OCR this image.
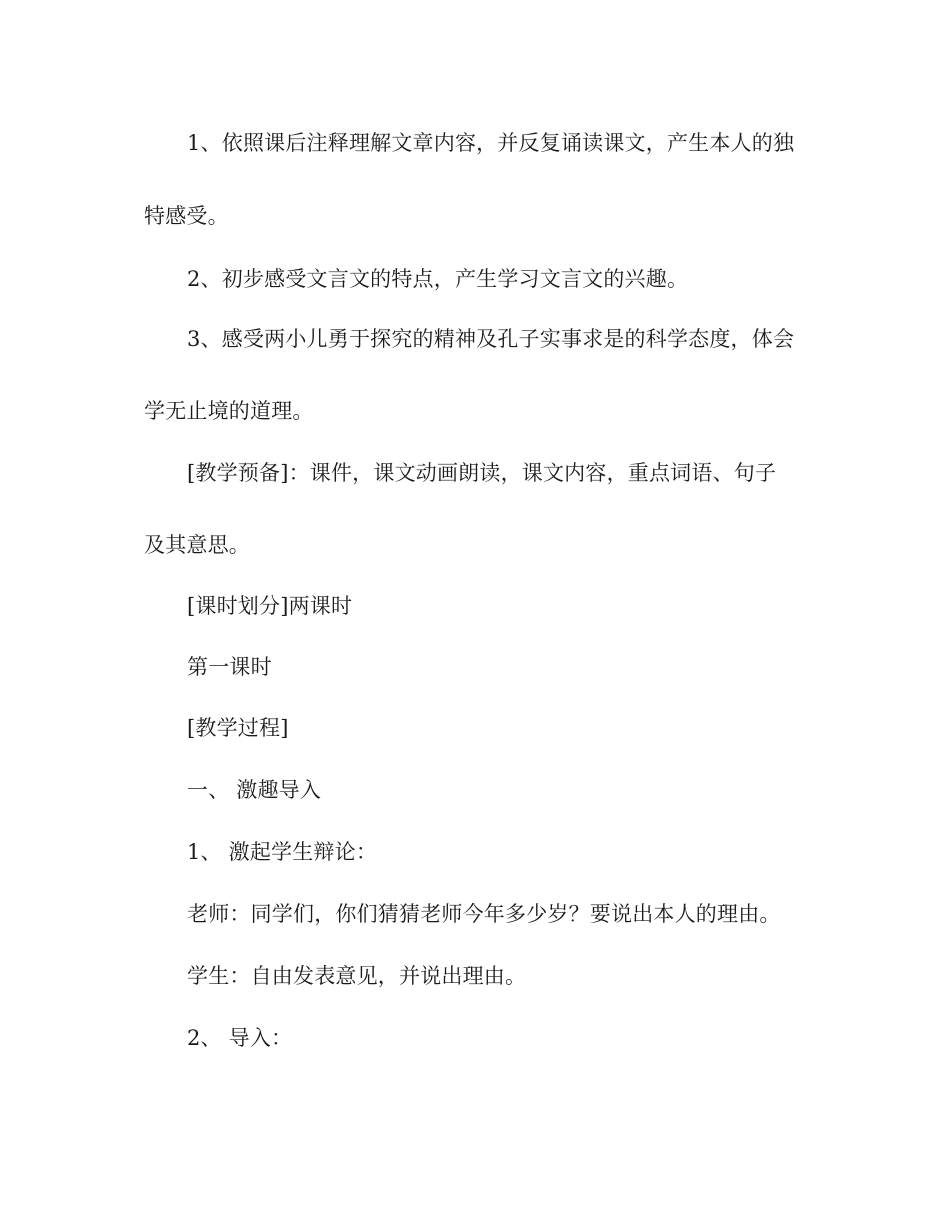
1、依照课后注释理解文章内容，并反复诵读课文，产生本人的独
特感受。
2、初步感受文言文的特点，产生学习文言文的兴趣。
3、感受两小儿勇于探究的精神及孔子实事求是的科学态度，体会
学无止境的道理。
[教学预备]：课件，课文动画朗读，课文内容，重点词语、句子
及其意思。
[课时划分]两课时
第一课时
[教学过程]
一、 激趣导入
1、 激起学生辩论：
老师：同学们，你们猜猜老师今年多少岁？要说出本人的理由。
学生：自由发表意见，并说出理由。
2、 导入：
